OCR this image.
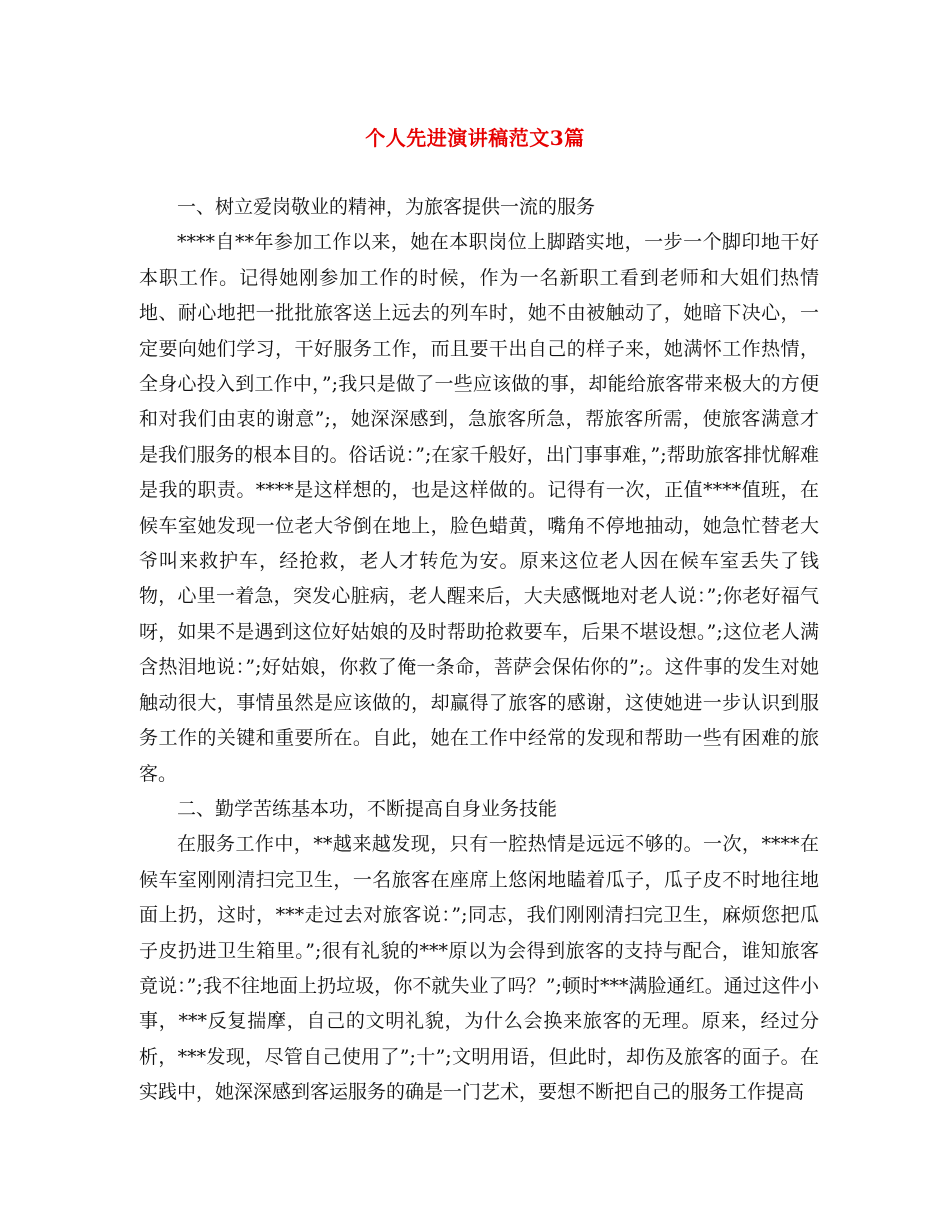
个人先进演讲稿范文3篇

一、树立爱岗敬业的精神，为旅客提供一流的服务

****自**年参加工作以来，她在本职岗位上脚踏实地，一步一个脚印地干好本职工作。记得她刚参加工作的时候，作为一名新职工看到老师和大姐们热情地、耐心地把一批批旅客送上远去的列车时，她不由被触动了，她暗下决心，一定要向她们学习，干好服务工作，而且要干出自己的样子来，她满怀工作热情，全身心投入到工作中，”;我只是做了一些应该做的事，却能给旅客带来极大的方便和对我们由衷的谢意”;，她深深感到，急旅客所急，帮旅客所需，使旅客满意才是我们服务的根本目的。俗话说：”;在家千般好，出门事事难，”;帮助旅客排忧解难是我的职责。****是这样想的，也是这样做的。记得有一次，正值****值班，在候车室她发现一位老大爷倒在地上，脸色蜡黄，嘴角不停地抽动，她急忙替老大爷叫来救护车，经抢救，老人才转危为安。原来这位老人因在候车室丢失了钱物，心里一着急，突发心脏病，老人醒来后，大夫感慨地对老人说：”;你老好福气呀，如果不是遇到这位好姑娘的及时帮助抢救要车，后果不堪设想。”;这位老人满含热泪地说：”;好姑娘，你救了俺一条命，菩萨会保佑你的”;。这件事的发生对她触动很大，事情虽然是应该做的，却赢得了旅客的感谢，这使她进一步认识到服务工作的关键和重要所在。自此，她在工作中经常的发现和帮助一些有困难的旅客。

二、勤学苦练基本功，不断提高自身业务技能

在服务工作中，**越来越发现，只有一腔热情是远远不够的。一次，****在候车室刚刚清扫完卫生，一名旅客在座席上悠闲地瞌着瓜子，瓜子皮不时地往地面上扔，这时，***走过去对旅客说：”;同志，我们刚刚清扫完卫生，麻烦您把瓜子皮扔进卫生箱里。”;很有礼貌的***原以为会得到旅客的支持与配合，谁知旅客竟说：”;我不往地面上扔垃圾，你不就失业了吗？”;顿时***满脸通红。通过这件小事，***反复揣摩，自己的文明礼貌，为什么会换来旅客的无理。原来，经过分析，***发现，尽管自己使用了”;十”;文明用语，但此时，却伤及旅客的面子。在实践中，她深深感到客运服务的确是一门艺术，要想不断把自己的服务工作提高
